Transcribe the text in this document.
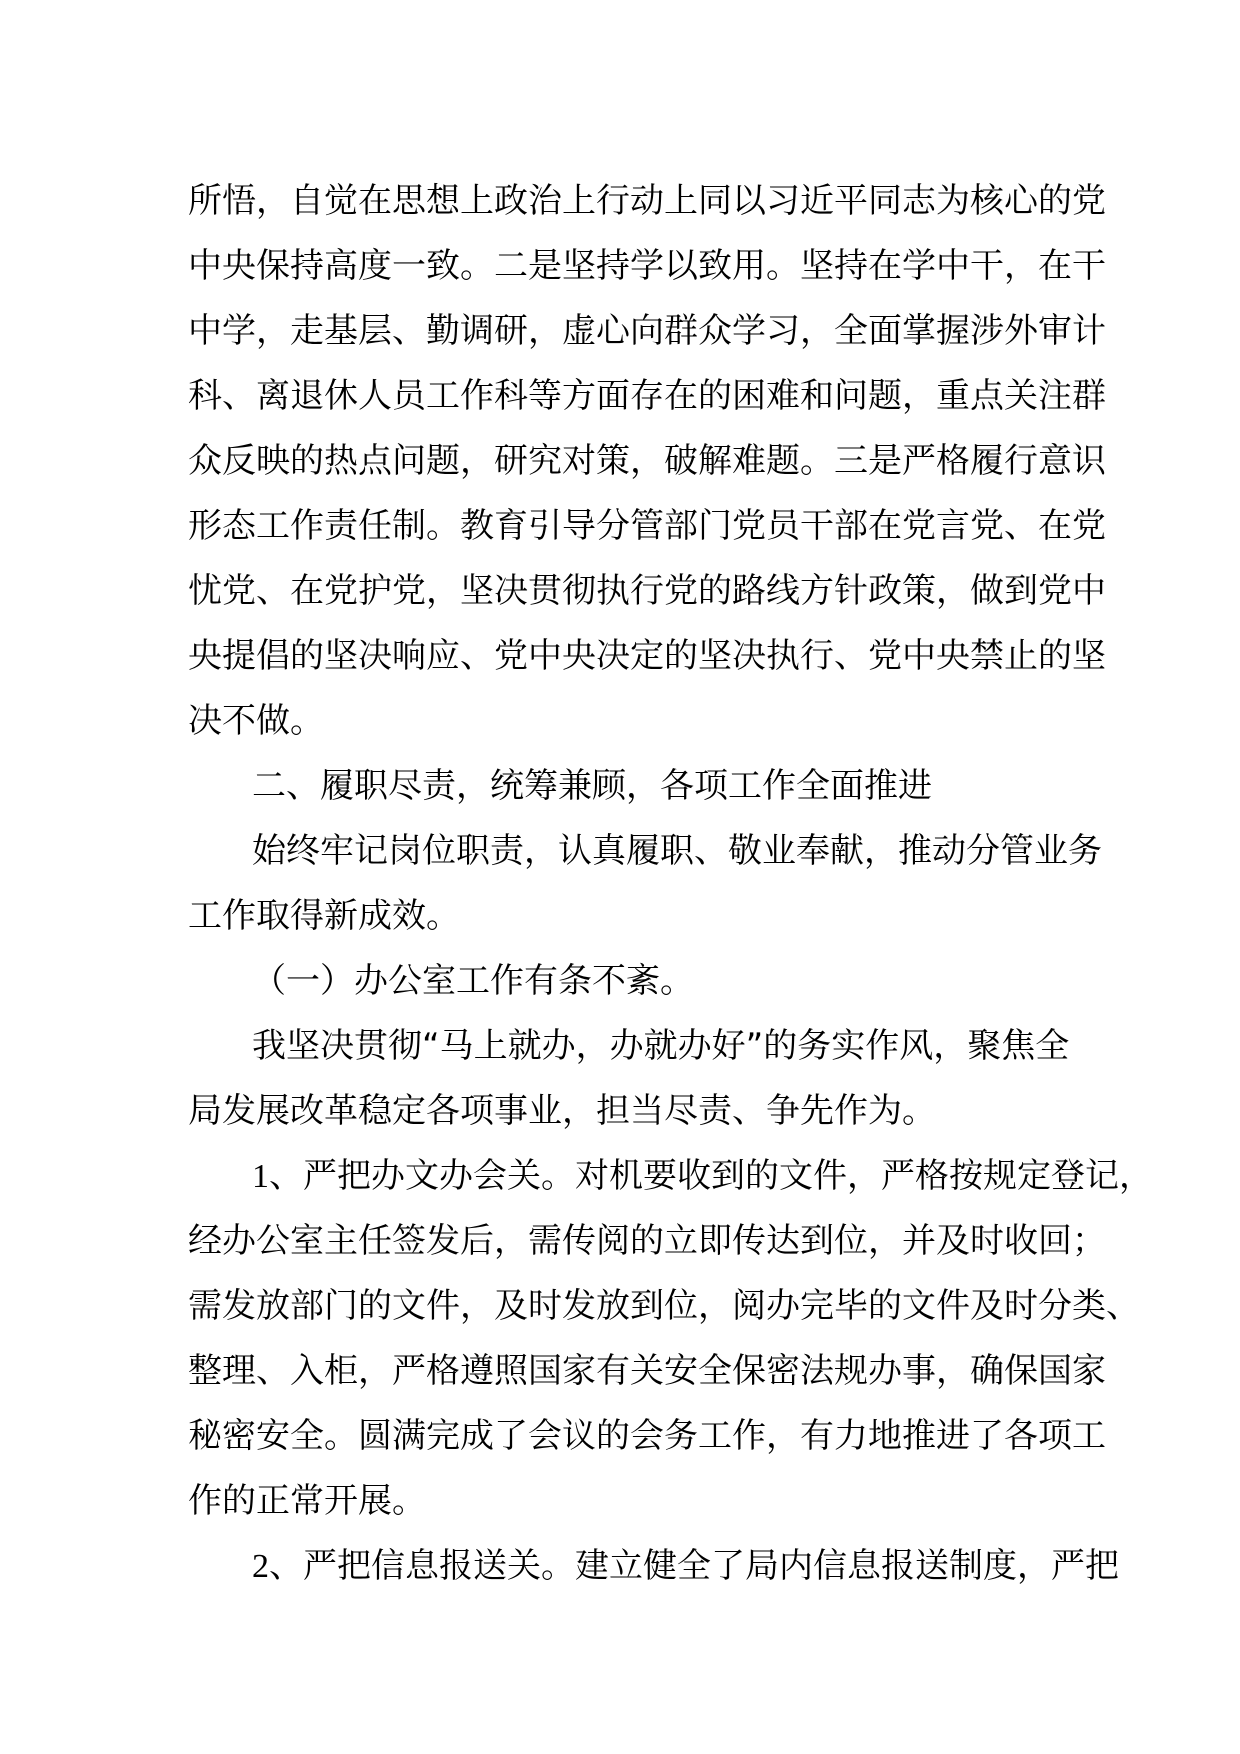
所悟，自觉在思想上政治上行动上同以习近平同志为核心的党
中央保持高度一致。二是坚持学以致用。坚持在学中干，在干
中学，走基层、勤调研，虚心向群众学习，全面掌握涉外审计
科、离退休人员工作科等方面存在的困难和问题，重点关注群
众反映的热点问题，研究对策，破解难题。三是严格履行意识
形态工作责任制。教育引导分管部门党员干部在党言党、在党
忧党、在党护党，坚决贯彻执行党的路线方针政策，做到党中
央提倡的坚决响应、党中央决定的坚决执行、党中央禁止的坚
决不做。
二、履职尽责，统筹兼顾，各项工作全面推进
始终牢记岗位职责，认真履职、敬业奉献，推动分管业务
工作取得新成效。
（一）办公室工作有条不紊。
我坚决贯彻“马上就办，办就办好”的务实作风，聚焦全
局发展改革稳定各项事业，担当尽责、争先作为。
1、严把办文办会关。对机要收到的文件，严格按规定登记，
经办公室主任签发后，需传阅的立即传达到位，并及时收回；
需发放部门的文件，及时发放到位，阅办完毕的文件及时分类、
整理、入柜，严格遵照国家有关安全保密法规办事，确保国家
秘密安全。圆满完成了会议的会务工作，有力地推进了各项工
作的正常开展。
2、严把信息报送关。建立健全了局内信息报送制度，严把
